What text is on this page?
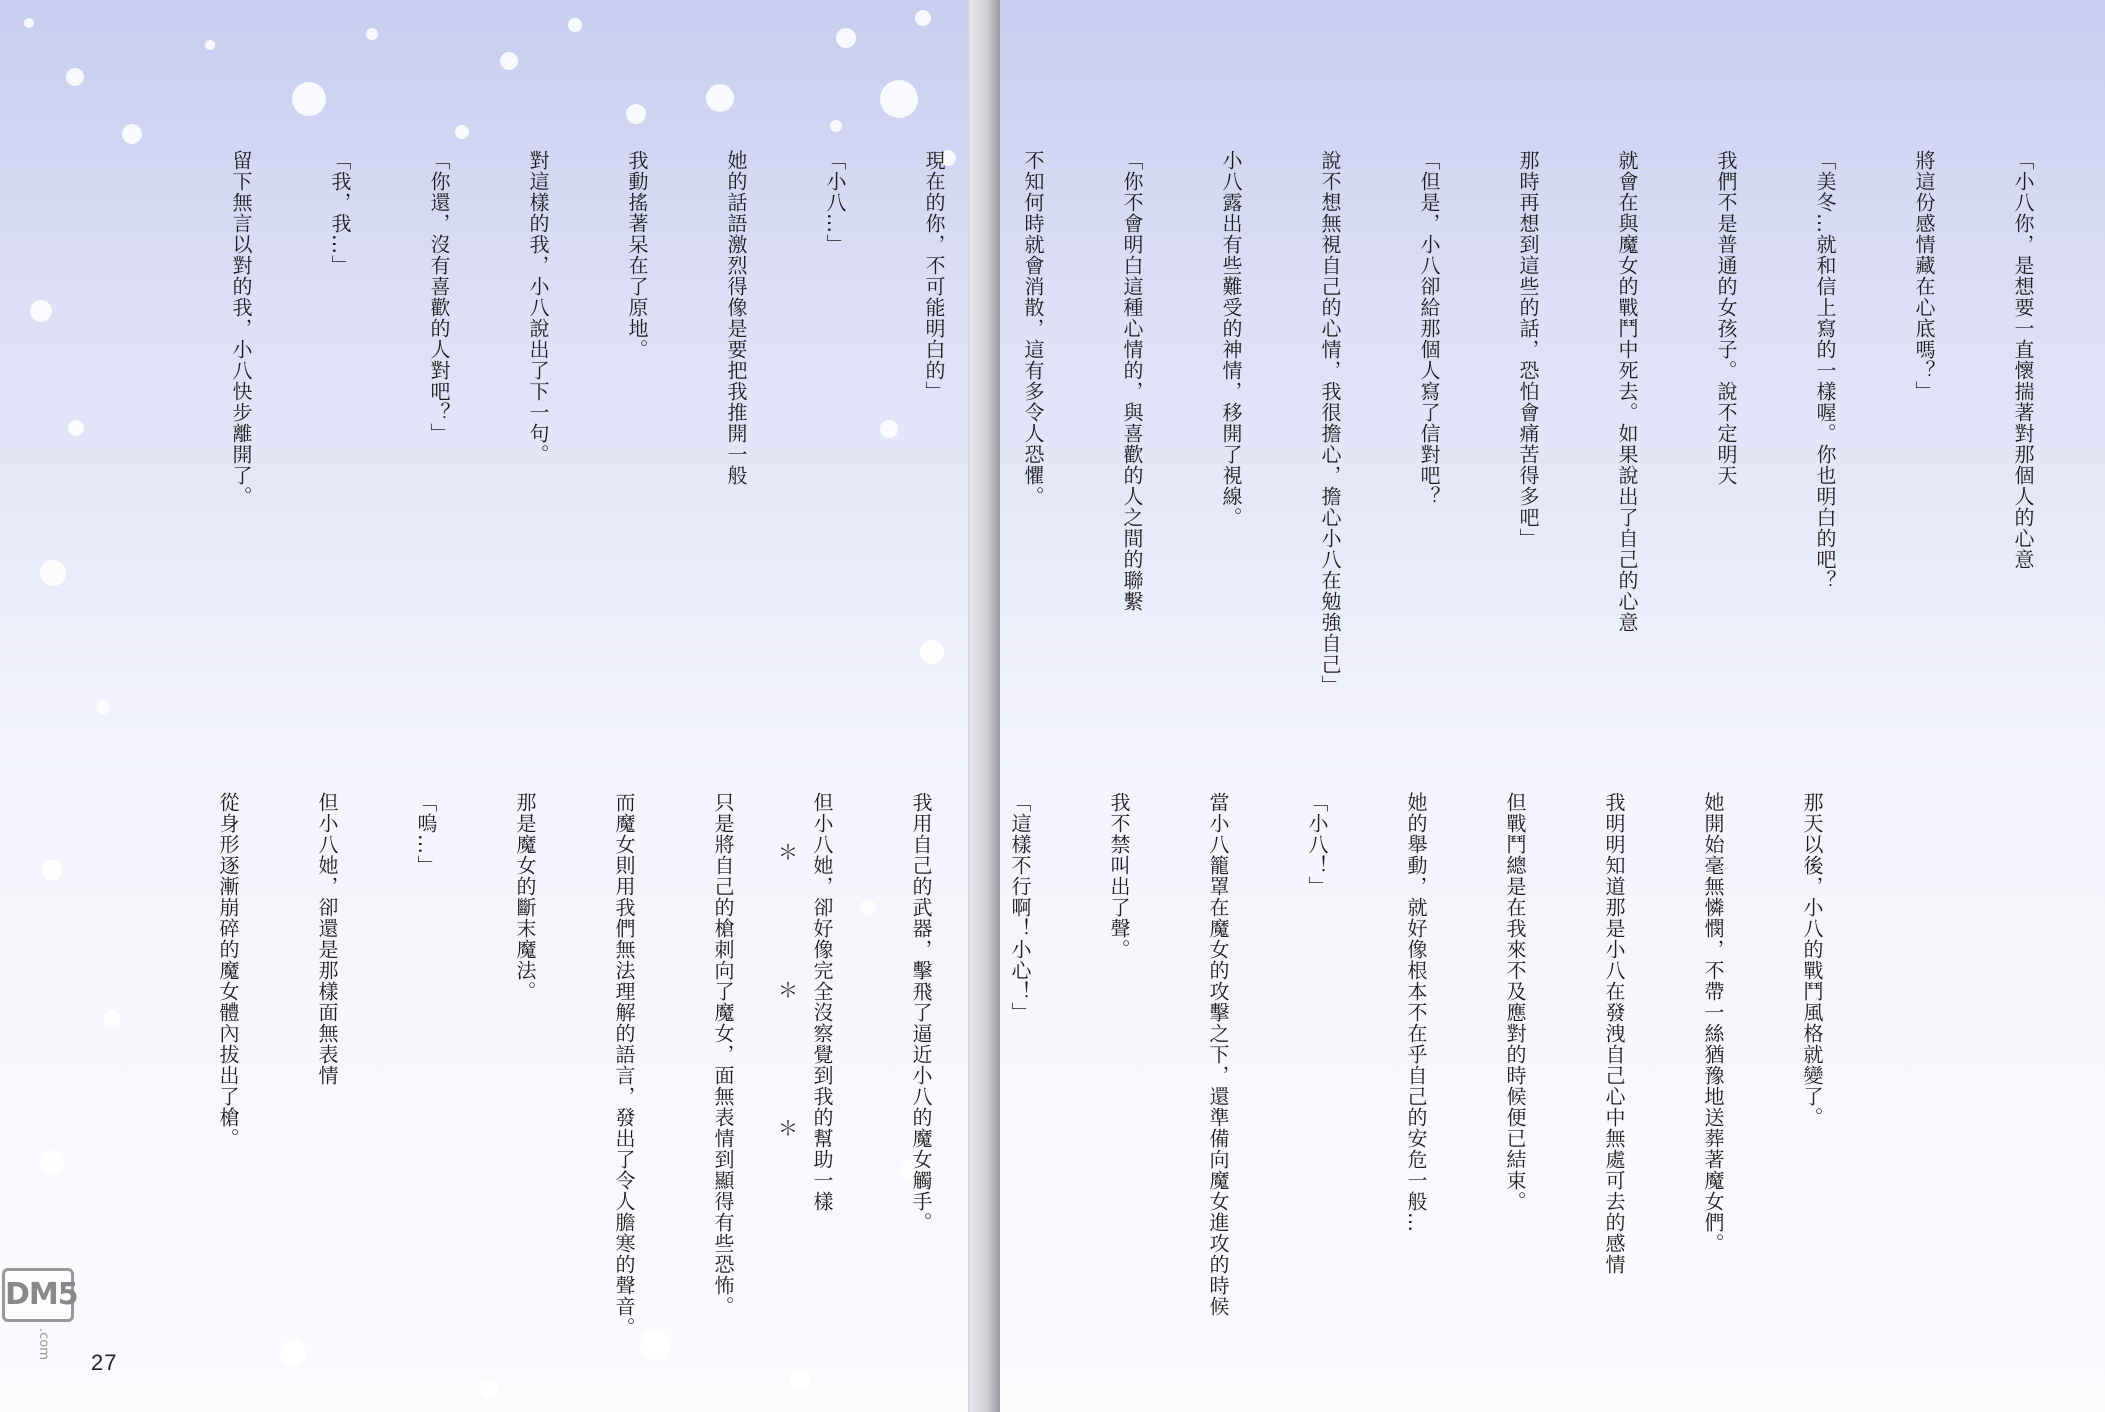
「小八你，是想要一直懷揣著對那個人的心意

將這份感情藏在心底嗎？」

「美冬…就和信上寫的一樣喔。你也明白的吧？

我們不是普通的女孩子。說不定明天

就會在與魔女的戰鬥中死去。如果說出了自己的心意

那時再想到這些的話，恐怕會痛苦得多吧」

「但是，小八卻給那個人寫了信對吧？

說不想無視自己的心情，我很擔心，擔心小八在勉強自己」

小八露出有些難受的神情，移開了視線。

「你不會明白這種心情的，與喜歡的人之間的聯繫

不知何時就會消散，這有多令人恐懼。

現在的你，不可能明白的」

「小八…」

她的話語激烈得像是要把我推開一般

我動搖著呆在了原地。

對這樣的我，小八說出了下一句。

「你還，沒有喜歡的人對吧？」

「我，我…」

留下無言以對的我，小八快步離開了。

＊
＊
＊

	那天以後，小八的戰鬥風格就變了。

她開始毫無憐憫，不帶一絲猶豫地送葬著魔女們。

我明明知道那是小八在發洩自己心中無處可去的感情

但戰鬥總是在我來不及應對的時候便已結束。

她的舉動，就好像根本不在乎自己的安危一般…

「小八！」

當小八籠罩在魔女的攻擊之下，還準備向魔女進攻的時候

我不禁叫出了聲。

「這樣不行啊！小心！」

我用自己的武器，擊飛了逼近小八的魔女觸手。

但小八她，卻好像完全沒察覺到我的幫助一樣

只是將自己的槍刺向了魔女，面無表情到顯得有些恐怖。

而魔女則用我們無法理解的語言，發出了令人膽寒的聲音。

那是魔女的斷末魔法。

「嗚…」

但小八她，卻還是那樣面無表情

從身形逐漸崩碎的魔女體內拔出了槍。

27
DM5
.com
